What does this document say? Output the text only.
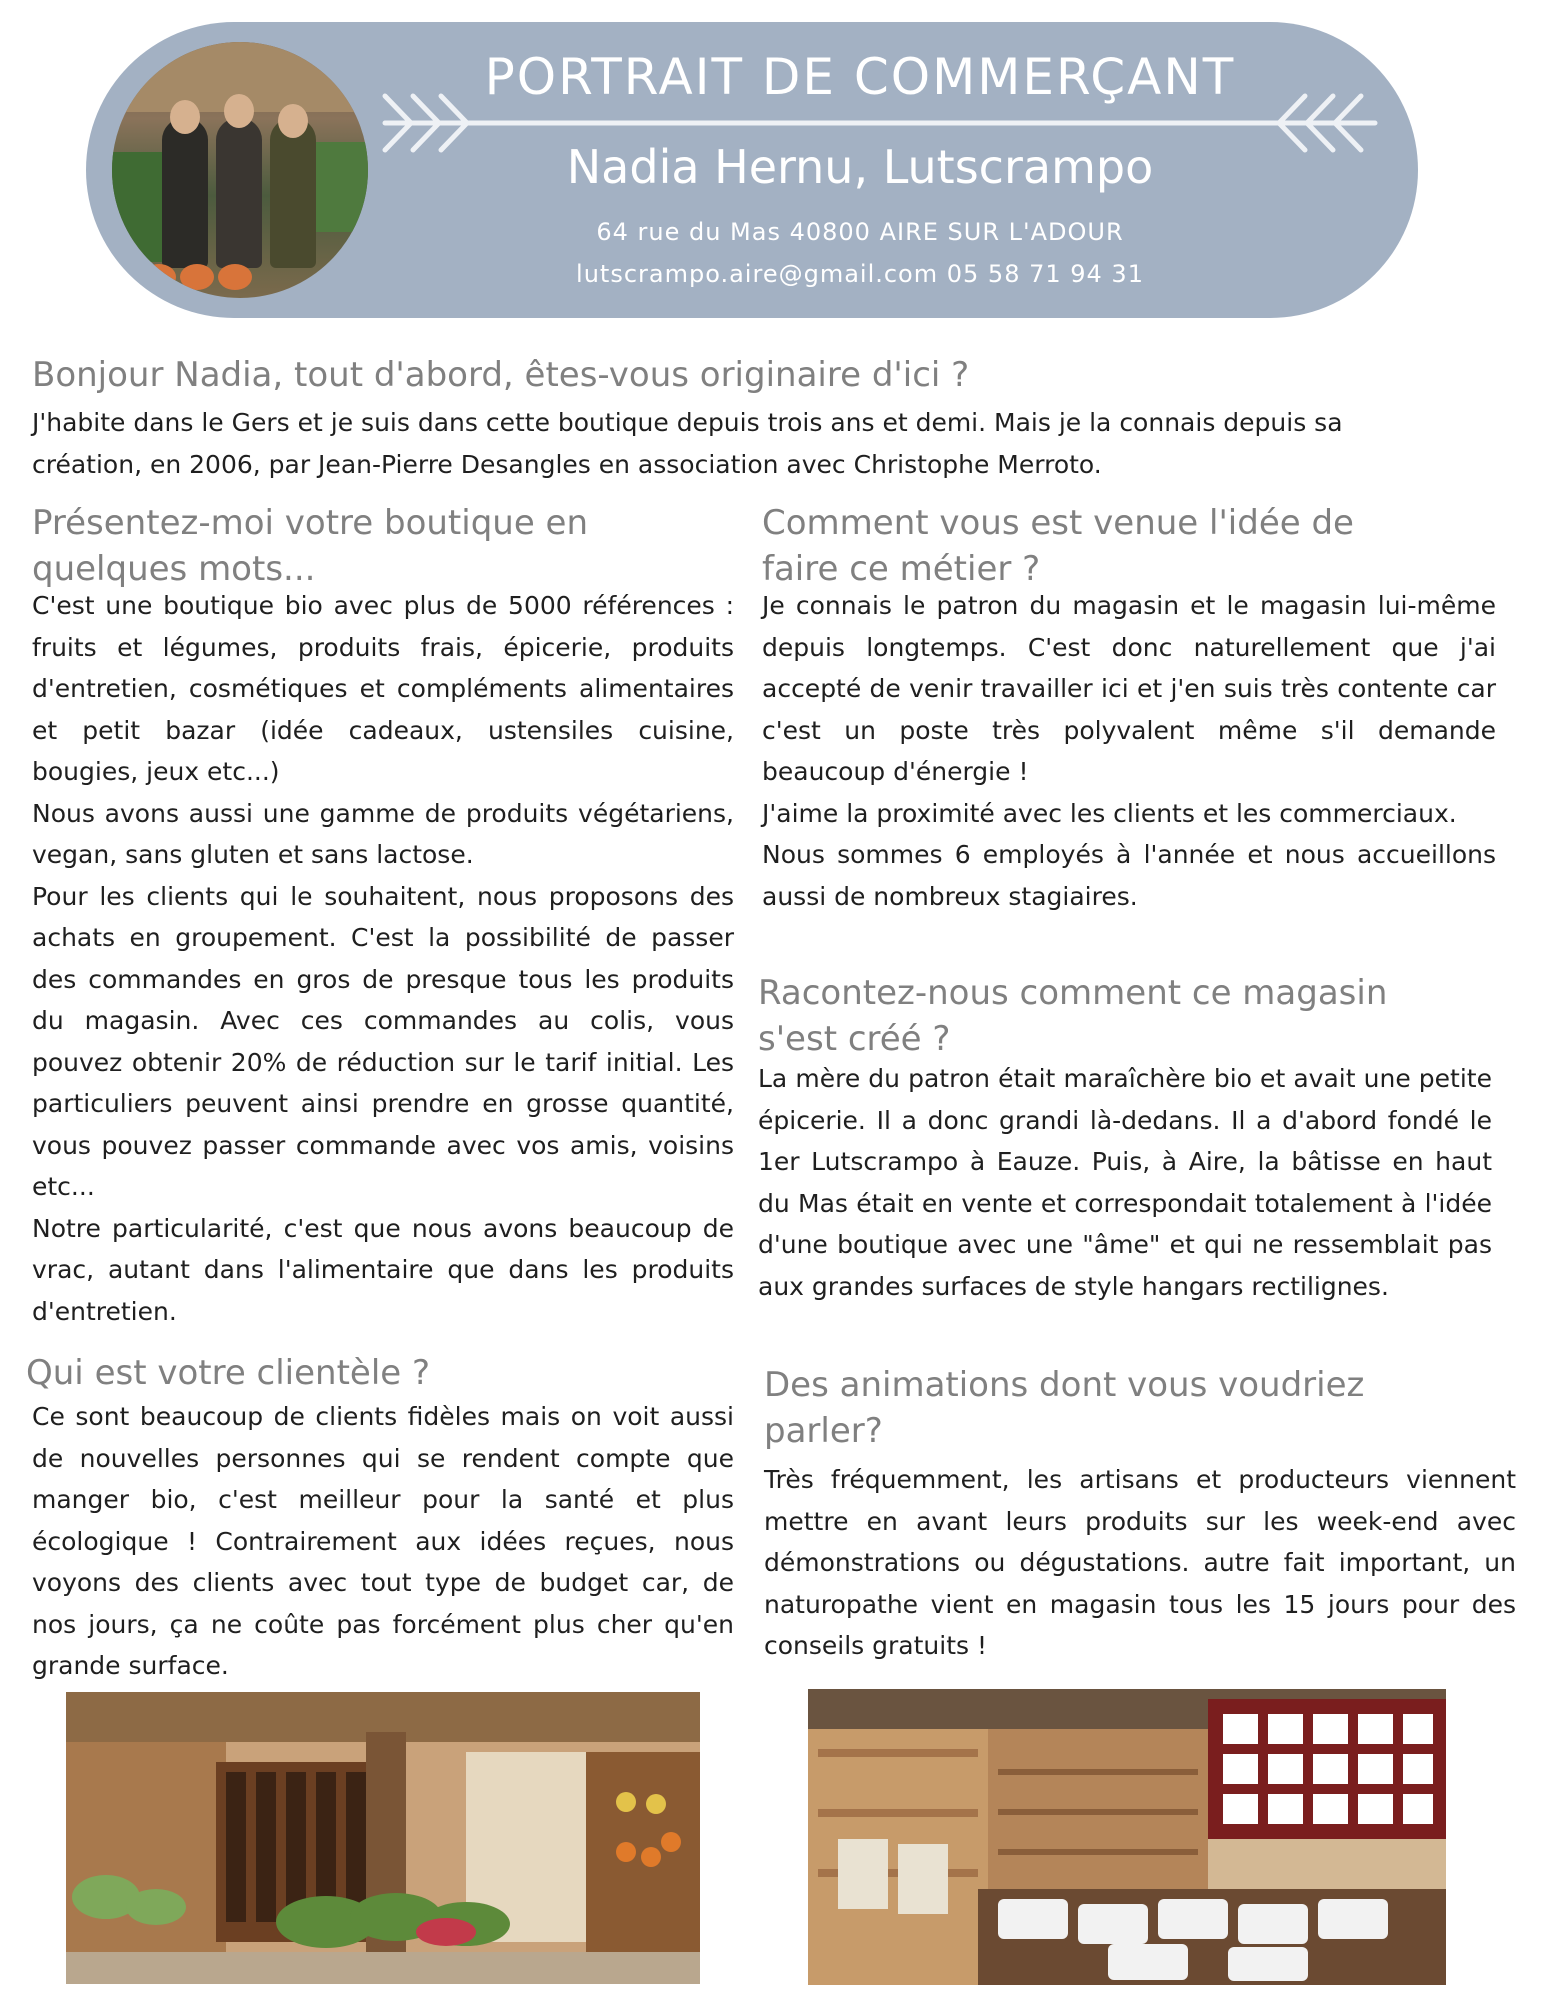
PORTRAIT DE COMMERÇANT
Nadia Hernu, Lutscrampo
64 rue du Mas 40800 AIRE SUR L'ADOUR
lutscrampo.aire@gmail.com 05 58 71 94 31
Bonjour Nadia, tout d'abord, êtes-vous originaire d'ici ?
J'habite dans le Gers et je suis dans cette boutique depuis trois ans et demi. Mais je la connais depuis sa création, en 2006, par Jean-Pierre Desangles en association avec Christophe Merroto.
Présentez-moi votre boutique en quelques mots...

C'est une boutique bio avec plus de 5000 références : fruits et légumes, produits frais, épicerie, produits d'entretien, cosmétiques et compléments alimentaires et petit bazar (idée cadeaux, ustensiles cuisine, bougies, jeux etc...)

Nous avons aussi une gamme de produits végétariens, vegan, sans gluten et sans lactose.

Pour les clients qui le souhaitent, nous proposons des achats en groupement. C'est la possibilité de passer des commandes en gros de presque tous les produits du magasin. Avec ces commandes au colis, vous pouvez obtenir 20% de réduction sur le tarif initial. Les particuliers peuvent ainsi prendre en grosse quantité, vous pouvez passer commande avec vos amis, voisins etc...

Notre particularité, c'est que nous avons beaucoup de vrac, autant dans l'alimentaire que dans les produits d'entretien.

Qui est votre clientèle ?
Ce sont beaucoup de clients fidèles mais on voit aussi de nouvelles personnes qui se rendent compte que manger bio, c'est meilleur pour la santé et plus écologique ! Contrairement aux idées reçues, nous voyons des clients avec tout type de budget car, de nos jours, ça ne coûte pas forcément plus cher qu'en grande surface.
Comment vous est venue l'idée de faire ce métier ?

Je connais le patron du magasin et le magasin lui-même depuis longtemps. C'est donc naturellement que j'ai accepté de venir travailler ici et j'en suis très contente car c'est un poste très polyvalent même s'il demande beaucoup d'énergie !

J'aime la proximité avec les clients et les commerciaux.

Nous sommes 6 employés à l'année et nous accueillons aussi de nombreux stagiaires.

Racontez-nous comment ce magasin s'est créé ?
La mère du patron était maraîchère bio et avait une petite épicerie. Il a donc grandi là-dedans. Il a d'abord fondé le 1er Lutscrampo à Eauze. Puis, à Aire, la bâtisse en haut du Mas était en vente et correspondait totalement à l'idée d'une boutique avec une "âme" et qui ne ressemblait pas aux grandes surfaces de style hangars rectilignes.
Des animations dont vous voudriez parler?
Très fréquemment, les artisans et producteurs viennent mettre en avant leurs produits sur les week-end avec démonstrations ou dégustations. autre fait important, un naturopathe vient en magasin tous les 15 jours pour des conseils gratuits !
